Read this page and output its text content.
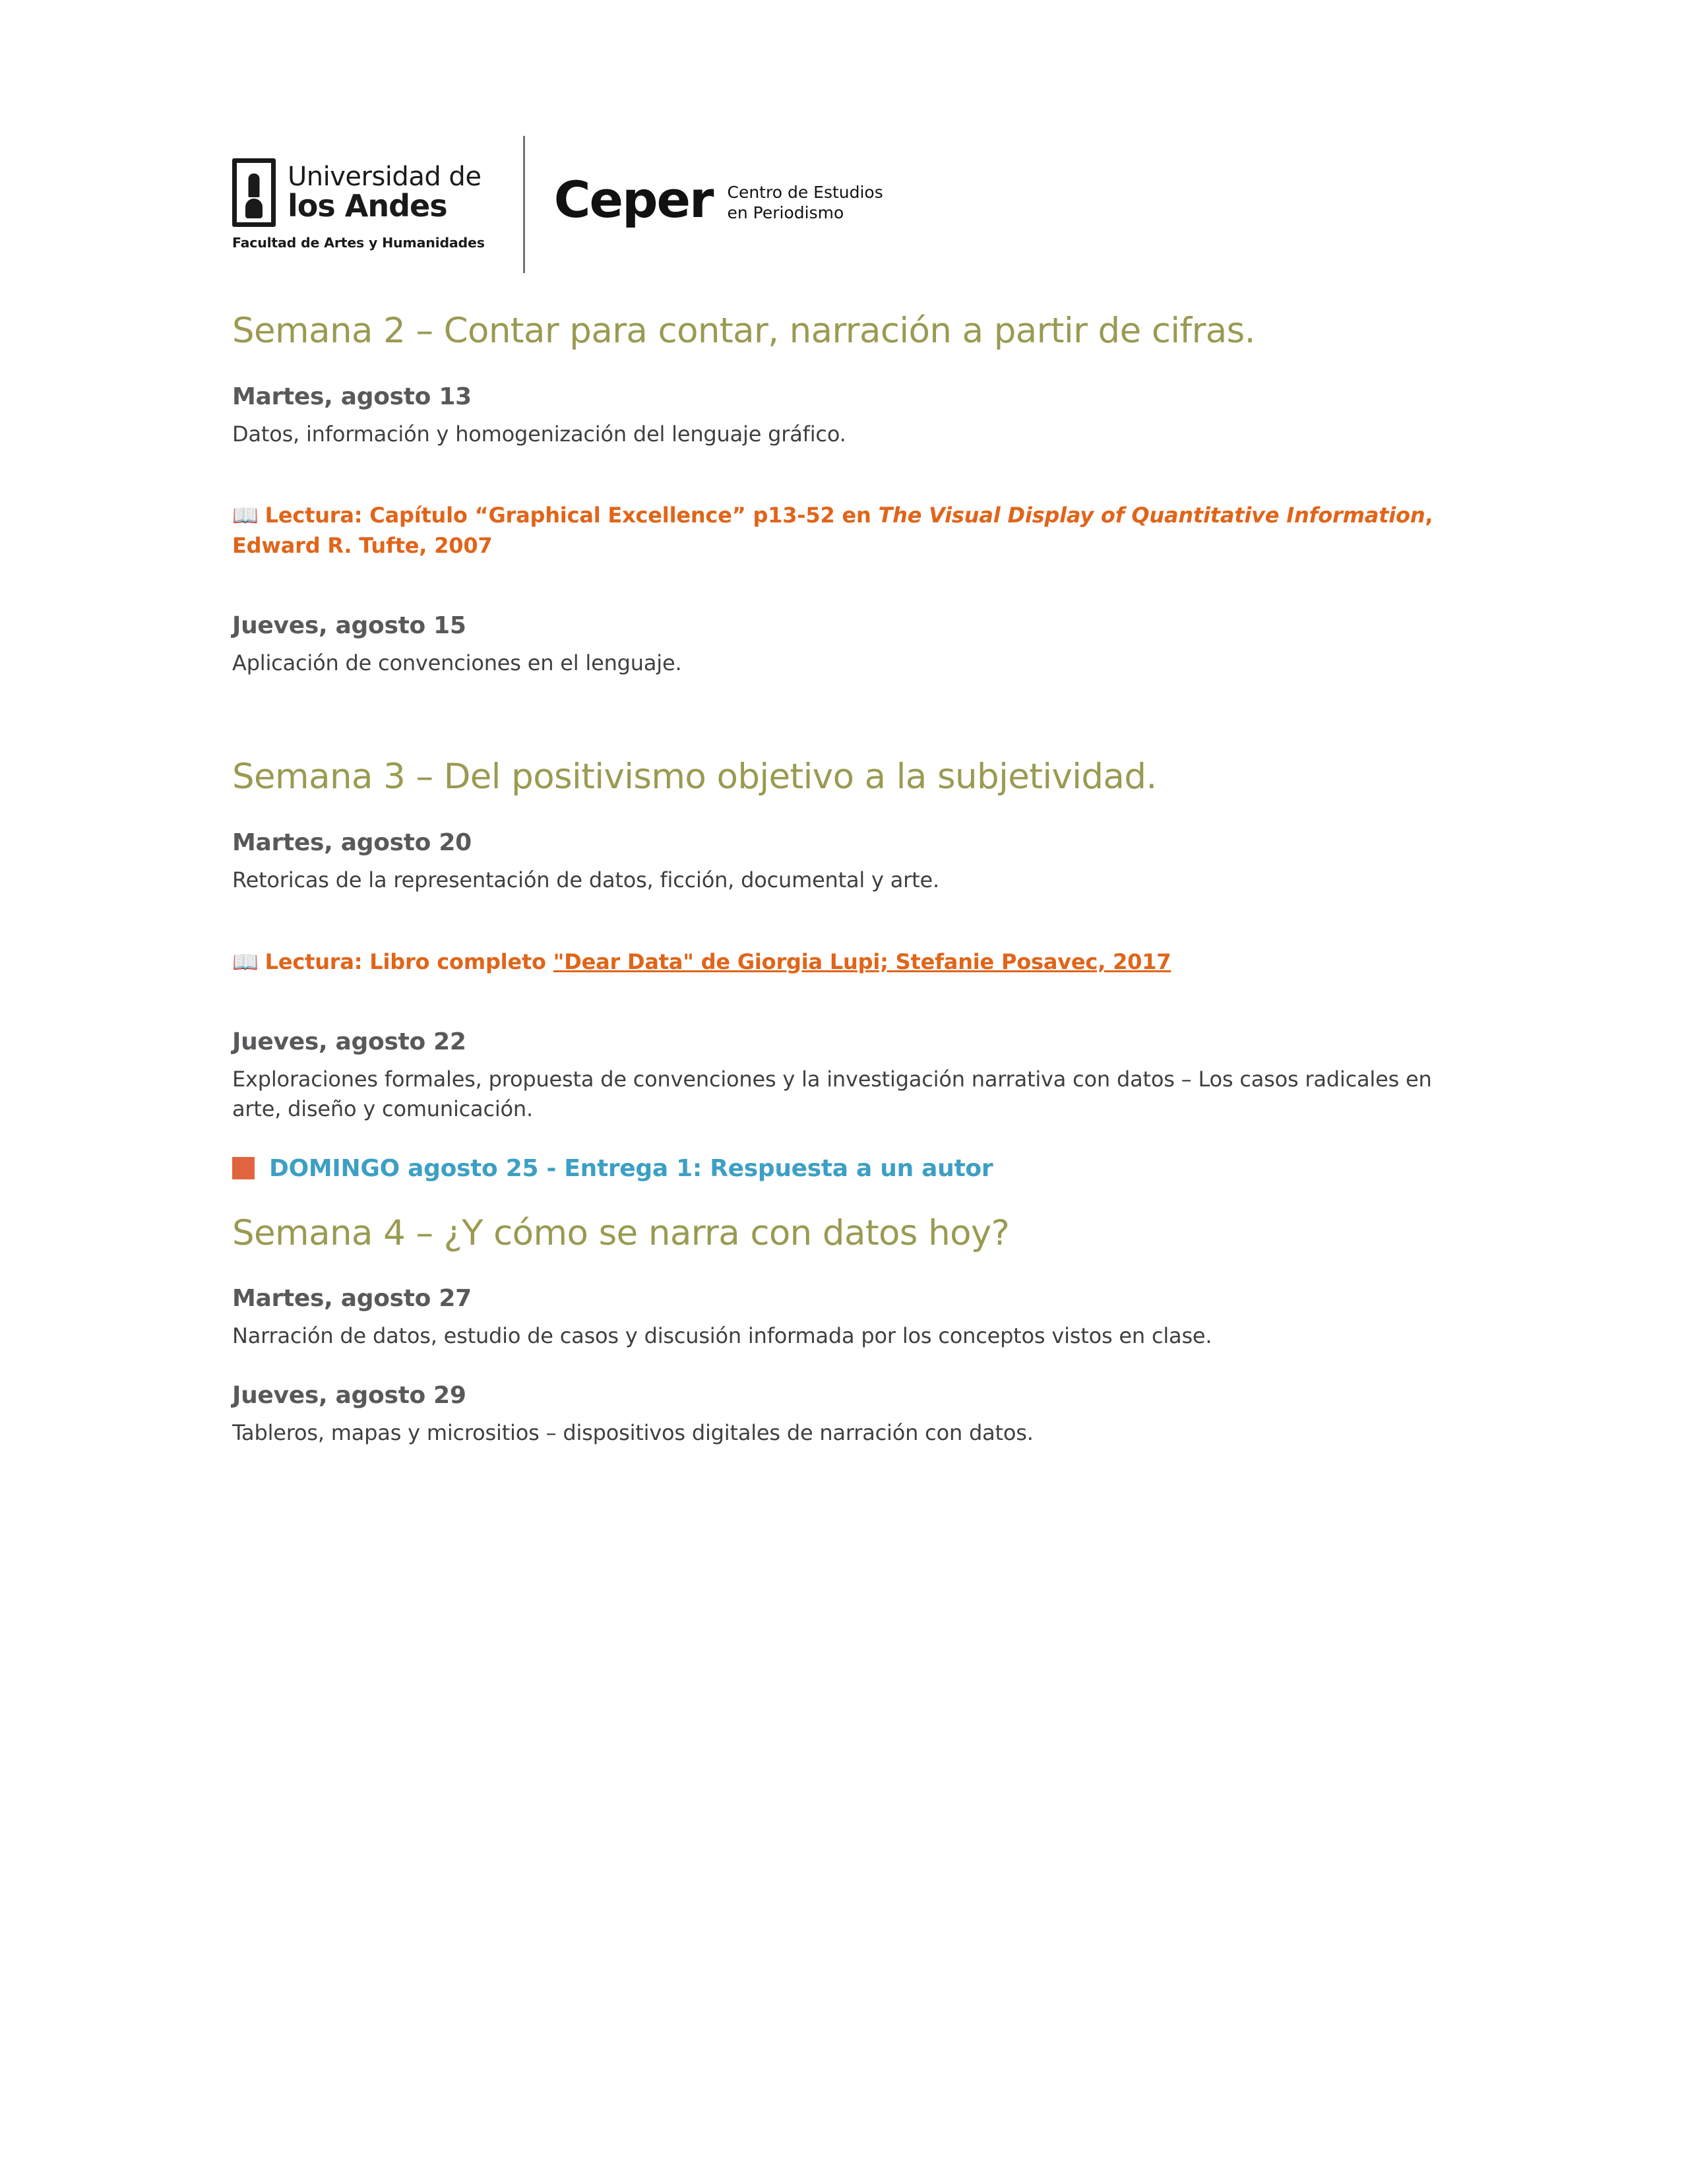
Universidad de
los Andes
Facultad de Artes y Humanidades
Ceper Centro de Estudios
en Periodismo
Semana 2 – Contar para contar, narración a partir de cifras.

Martes, agosto 13

Datos, información y homogenización del lenguaje gráfico.

📖 Lectura: Capítulo “Graphical Excellence” p13-52 en The Visual Display of Quantitative Information, Edward R. Tufte, 2007

Jueves, agosto 15

Aplicación de convenciones en el lenguaje.

Semana 3 – Del positivismo objetivo a la subjetividad.

Martes, agosto 20

Retoricas de la representación de datos, ficción, documental y arte.

📖 Lectura: Libro completo "Dear Data" de Giorgia Lupi; Stefanie Posavec, 2017

Jueves, agosto 22

Exploraciones formales, propuesta de convenciones y la investigación narrativa con datos – Los casos radicales en arte, diseño y comunicación.

DOMINGO agosto 25 - Entrega 1: Respuesta a un autor
Semana 4 – ¿Y cómo se narra con datos hoy?

Martes, agosto 27

Narración de datos, estudio de casos y discusión informada por los conceptos vistos en clase.

Jueves, agosto 29

Tableros, mapas y micrositios – dispositivos digitales de narración con datos.
